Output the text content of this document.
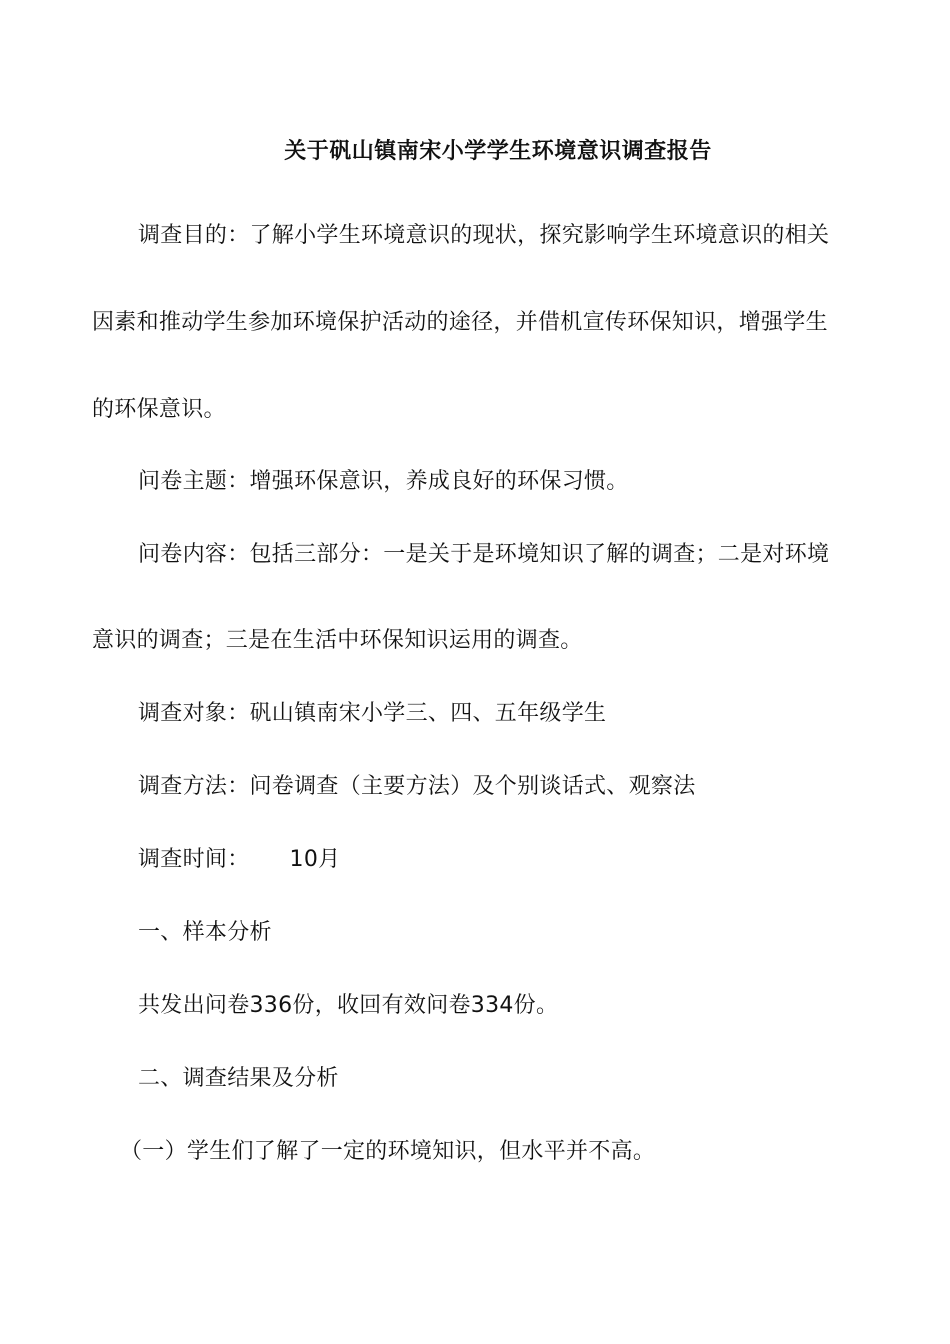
关于矾山镇南宋小学学生环境意识调查报告
调查目的：了解小学生环境意识的现状，探究影响学生环境意识的相关
因素和推动学生参加环境保护活动的途径，并借机宣传环保知识，增强学生
的环保意识。
问卷主题：增强环保意识，养成良好的环保习惯。
问卷内容：包括三部分：一是关于是环境知识了解的调查；二是对环境
意识的调查；三是在生活中环保知识运用的调查。
调查对象：矾山镇南宋小学三、四、五年级学生
调查方法：问卷调查（主要方法）及个别谈话式、观察法
调查时间： 10月
一、样本分析
共发出问卷336份，收回有效问卷334份。
二、调查结果及分析
（一）学生们了解了一定的环境知识，但水平并不高。
